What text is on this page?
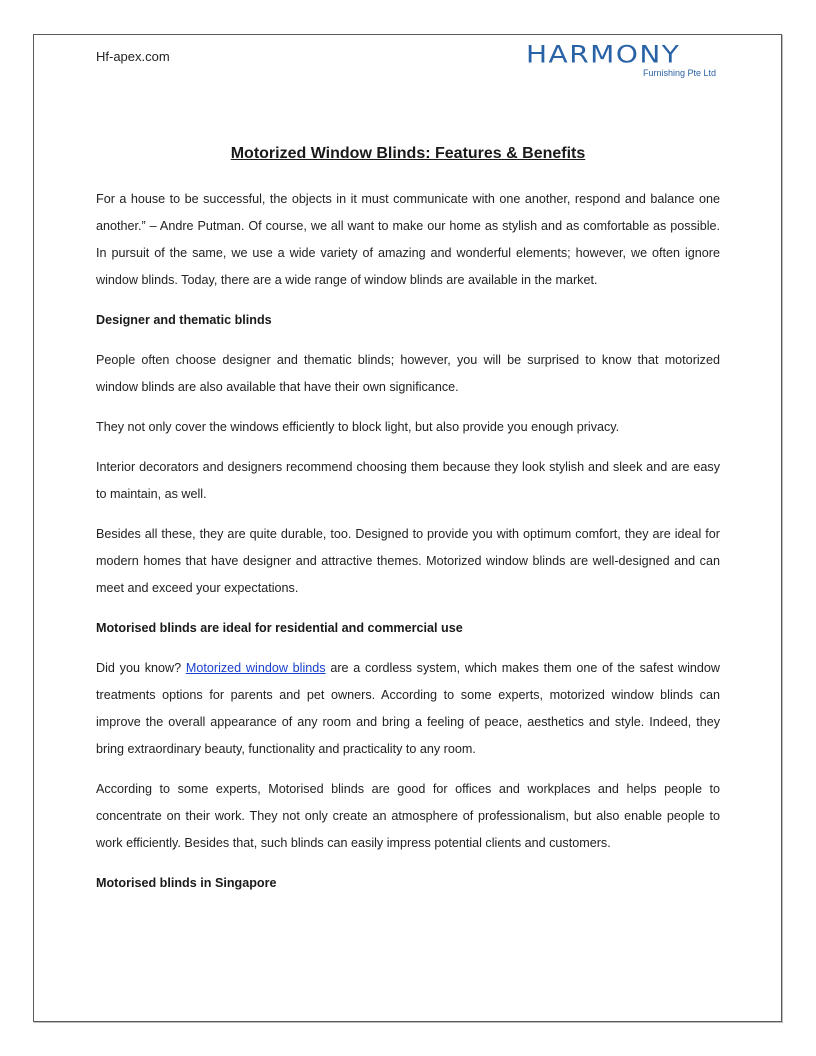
Hf-apex.com	HARMONY
Furnishing Pte Ltd
Motorized Window Blinds: Features & Benefits

For a house to be successful, the objects in it must communicate with one another, respond and balance one another.” – Andre Putman. Of course, we all want to make our home as stylish and as comfortable as possible. In pursuit of the same, we use a wide variety of amazing and wonderful elements; however, we often ignore window blinds. Today, there are a wide range of window blinds are available in the market.

Designer and thematic blinds

People often choose designer and thematic blinds; however, you will be surprised to know that motorized window blinds are also available that have their own significance.

They not only cover the windows efficiently to block light, but also provide you enough privacy.

Interior decorators and designers recommend choosing them because they look stylish and sleek and are easy to maintain, as well.

Besides all these, they are quite durable, too. Designed to provide you with optimum comfort, they are ideal for modern homes that have designer and attractive themes. Motorized window blinds are well-designed and can meet and exceed your expectations.

Motorised blinds are ideal for residential and commercial use

Did you know? Motorized window blinds are a cordless system, which makes them one of the safest window treatments options for parents and pet owners. According to some experts, motorized window blinds can improve the overall appearance of any room and bring a feeling of peace, aesthetics and style. Indeed, they bring extraordinary beauty, functionality and practicality to any room.

According to some experts, Motorised blinds are good for offices and workplaces and helps people to concentrate on their work. They not only create an atmosphere of professionalism, but also enable people to work efficiently. Besides that, such blinds can easily impress potential clients and customers.

Motorised blinds in Singapore
